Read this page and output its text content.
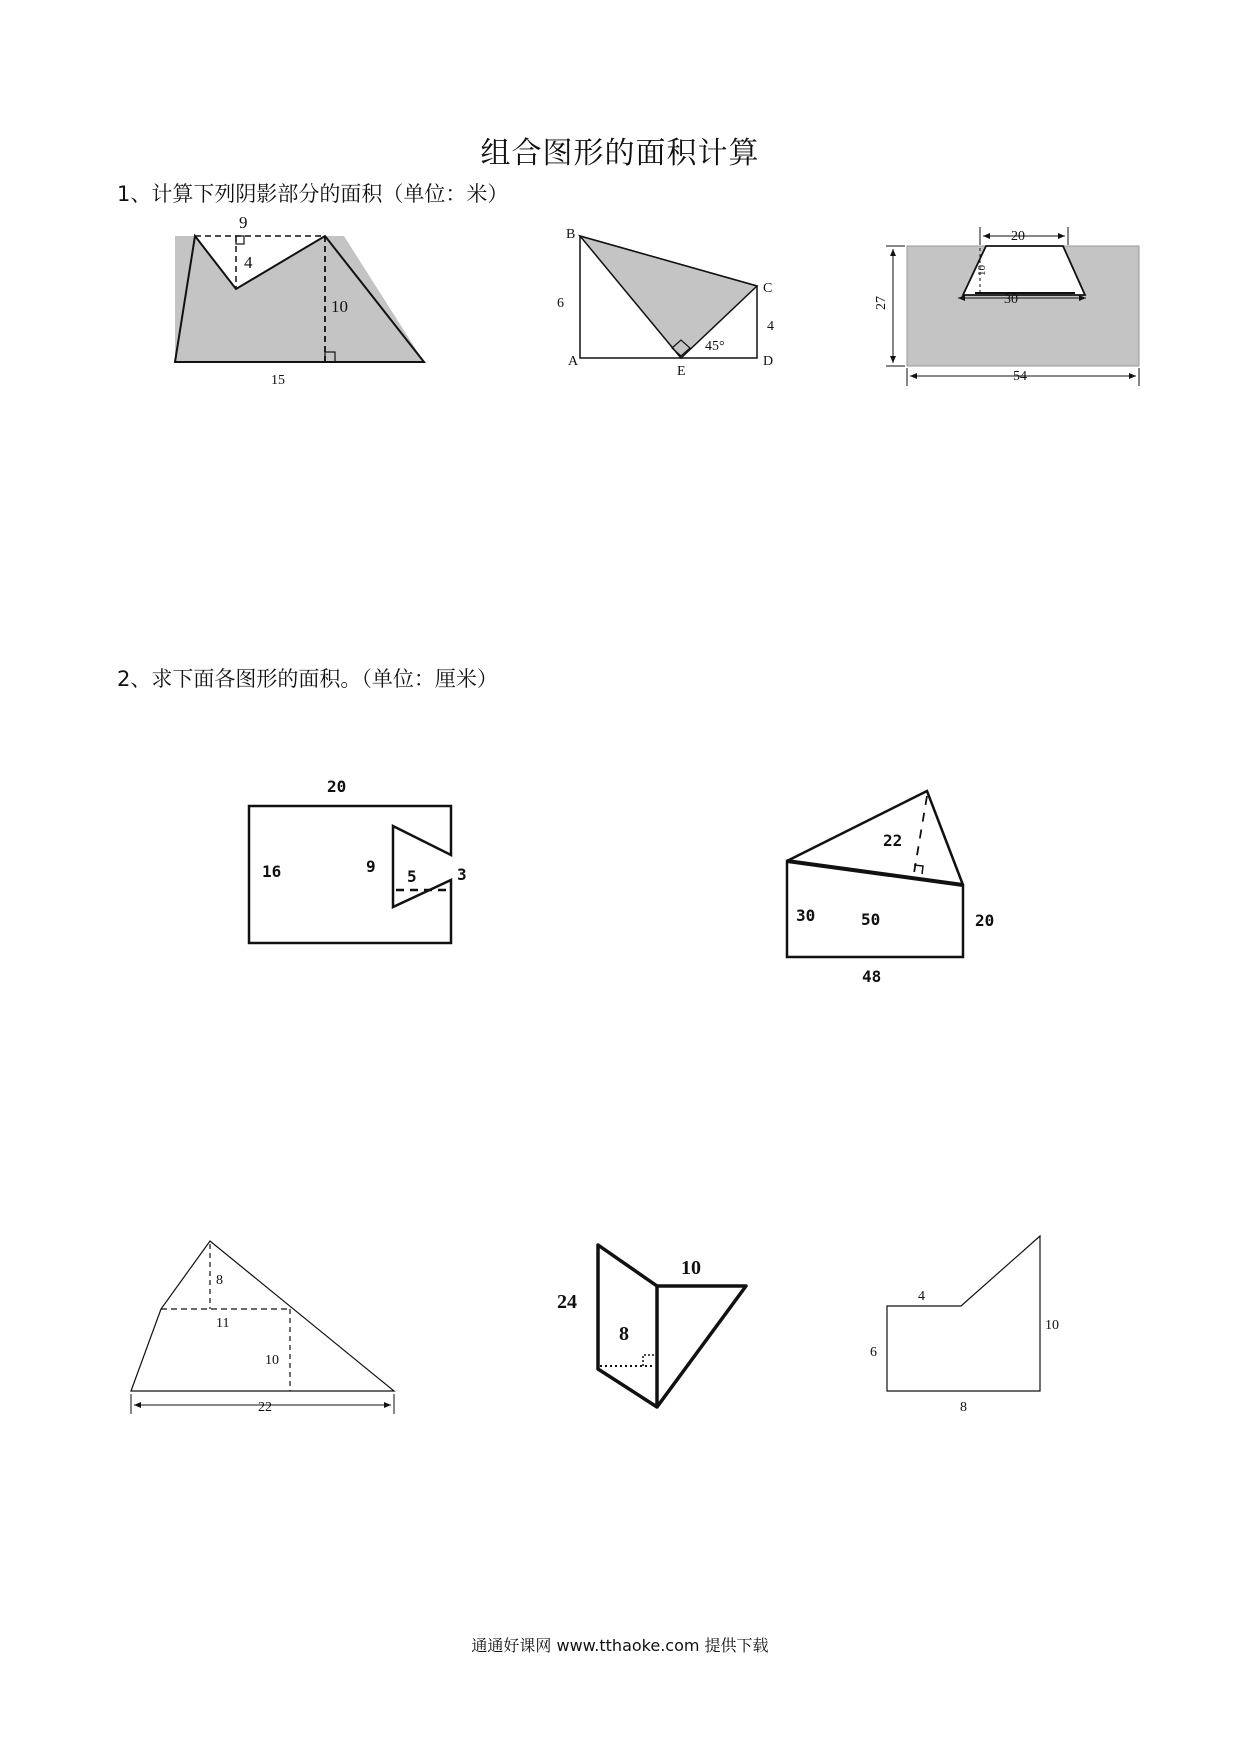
组合图形的面积计算
1、计算下列阴影部分的面积（单位：米）
2、求下面各图形的面积。（单位：厘米）
9
4
10
15
B
C
A
E
D
6
4
45°
20
10
30
27
54
20
16	9
5	3
22
50
30	20
48
8
11
10
22
24
10
8
4
6
10
8
通通好课网 www.tthaoke.com 提供下载
